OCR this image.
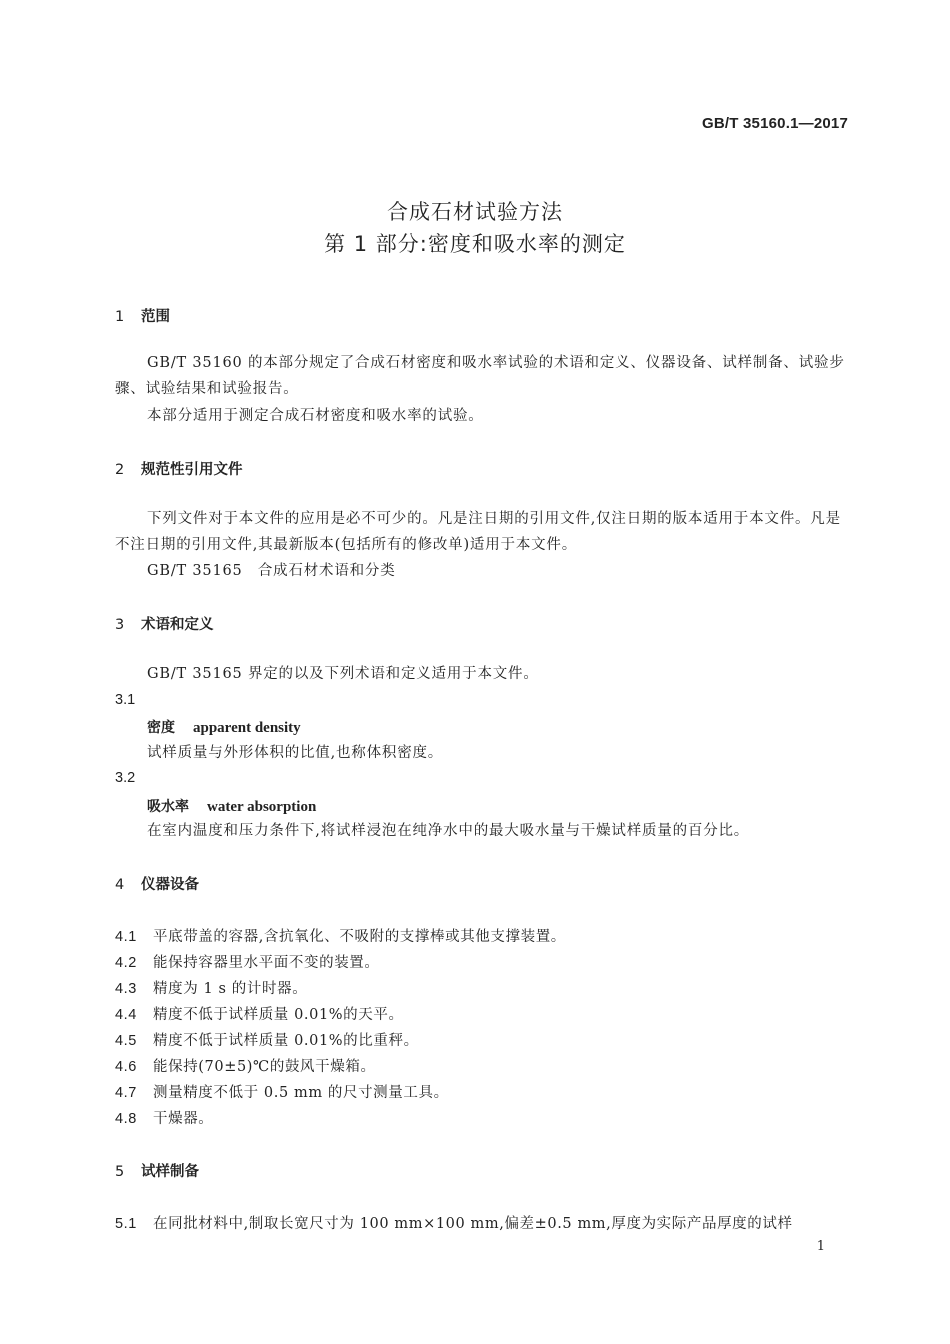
GB/T 35160.1—2017
合成石材试验方法
第 1 部分:密度和吸水率的测定
1 范围
GB/T 35160 的本部分规定了合成石材密度和吸水率试验的术语和定义、仪器设备、试样制备、试验步骤、试验结果和试验报告。
本部分适用于测定合成石材密度和吸水率的试验。
2 规范性引用文件
下列文件对于本文件的应用是必不可少的。凡是注日期的引用文件,仅注日期的版本适用于本文件。凡是不注日期的引用文件,其最新版本(包括所有的修改单)适用于本文件。
GB/T 35165　合成石材术语和分类
3 术语和定义
GB/T 35165 界定的以及下列术语和定义适用于本文件。
3.1
密度 apparent density
试样质量与外形体积的比值,也称体积密度。
3.2
吸水率 water absorption
在室内温度和压力条件下,将试样浸泡在纯净水中的最大吸水量与干燥试样质量的百分比。
4 仪器设备
4.1 平底带盖的容器,含抗氧化、不吸附的支撑棒或其他支撑装置。
4.2 能保持容器里水平面不变的装置。
4.3 精度为 1 s 的计时器。
4.4 精度不低于试样质量 0.01%的天平。
4.5 精度不低于试样质量 0.01%的比重秤。
4.6 能保持(70±5)℃的鼓风干燥箱。
4.7 测量精度不低于 0.5 mm 的尺寸测量工具。
4.8 干燥器。
5 试样制备
5.1 在同批材料中,制取长宽尺寸为 100 mm×100 mm,偏差±0.5 mm,厚度为实际产品厚度的试样
1
